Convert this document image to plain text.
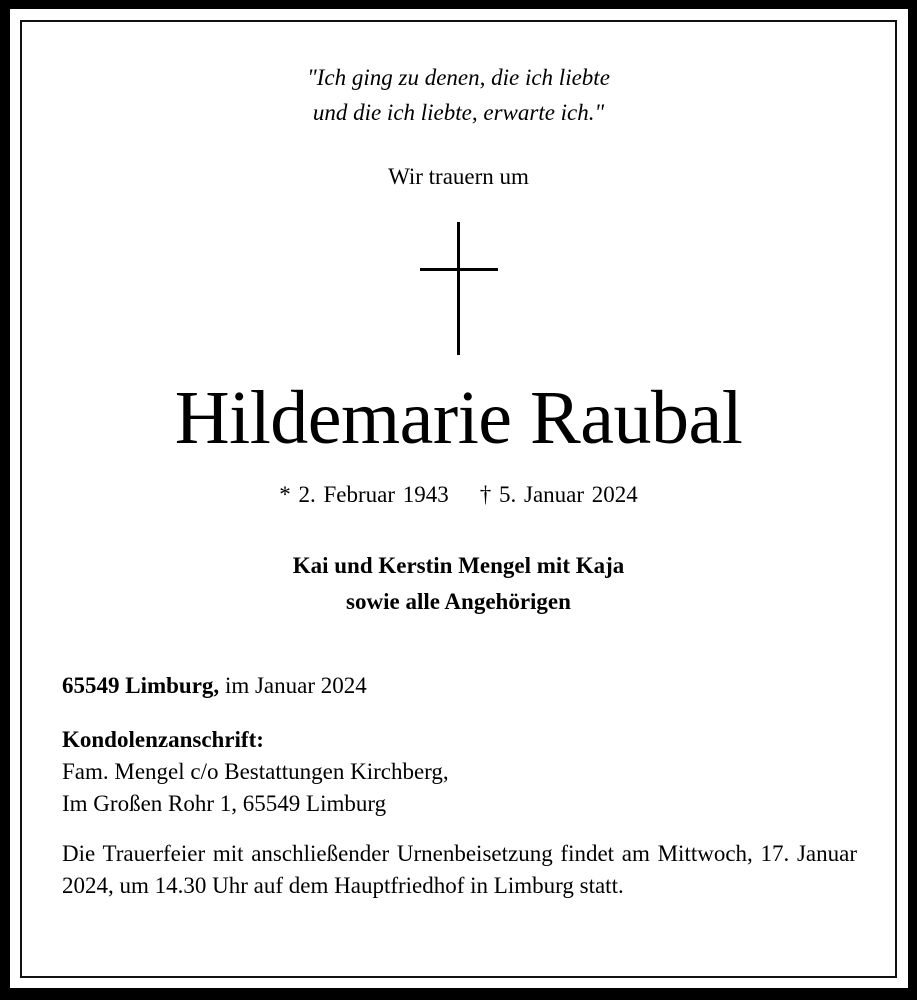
"Ich ging zu denen, die ich liebte
und die ich liebte, erwarte ich."
Wir trauern um
Hildemarie Raubal
* 2. Februar 1943 † 5. Januar 2024
Kai und Kerstin Mengel mit Kaja
sowie alle Angehörigen
65549 Limburg, im Januar 2024
Kondolenzanschrift:
Fam. Mengel c/o Bestattungen Kirchberg,
Im Großen Rohr 1, 65549 Limburg
Die Trauerfeier mit anschließender Urnenbeisetzung findet am Mittwoch, 17. Januar 2024, um 14.30 Uhr auf dem Hauptfriedhof in Limburg statt.
